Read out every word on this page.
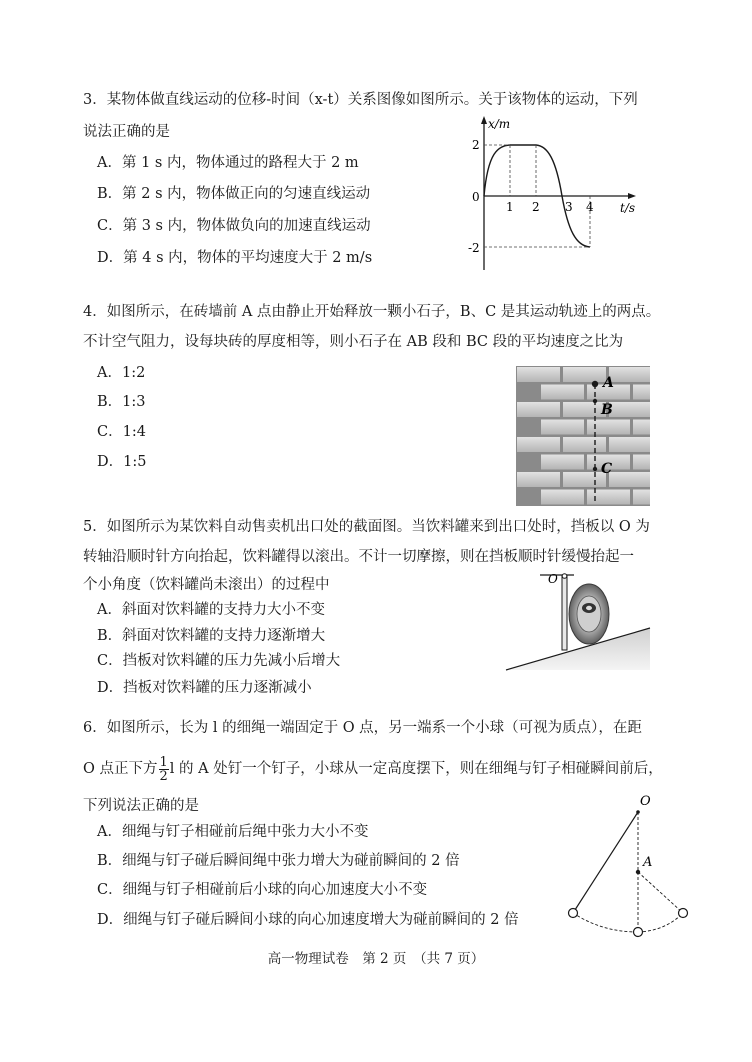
3．某物体做直线运动的位移-时间（x-t）关系图像如图所示。关于该物体的运动，下列
说法正确的是
A．第 1 s 内，物体通过的路程大于 2 m
B．第 2 s 内，物体做正向的匀速直线运动
C．第 3 s 内，物体做负向的加速直线运动
D．第 4 s 内，物体的平均速度大于 2 m/s
x/m
t/s
0
2
-2
1 2 3 4
4．如图所示，在砖墙前 A 点由静止开始释放一颗小石子，B、C 是其运动轨迹上的两点。
不计空气阻力，设每块砖的厚度相等，则小石子在 AB 段和 BC 段的平均速度之比为
A．1:2
B．1:3
C．1:4
D．1:5
A
B
C
5．如图所示为某饮料自动售卖机出口处的截面图。当饮料罐来到出口处时，挡板以 O 为
转轴沿顺时针方向抬起，饮料罐得以滚出。不计一切摩擦，则在挡板顺时针缓慢抬起一
个小角度（饮料罐尚未滚出）的过程中
A．斜面对饮料罐的支持力大小不变
B．斜面对饮料罐的支持力逐渐增大
C．挡板对饮料罐的压力先减小后增大
D．挡板对饮料罐的压力逐渐减小
O
6．如图所示，长为 l 的细绳一端固定于 O 点，另一端系一个小球（可视为质点），在距
O 点正下方 $\frac{1}{2}$ l 的 A 处钉一个钉子，小球从一定高度摆下，则在细绳与钉子相碰瞬间前后，
下列说法正确的是
A．细绳与钉子相碰前后绳中张力大小不变
B．细绳与钉子碰后瞬间绳中张力增大为碰前瞬间的 2 倍
C．细绳与钉子相碰前后小球的向心加速度大小不变
D．细绳与钉子碰后瞬间小球的向心加速度增大为碰前瞬间的 2 倍
O
A
高一物理试卷　第 2 页　（共 7 页）
